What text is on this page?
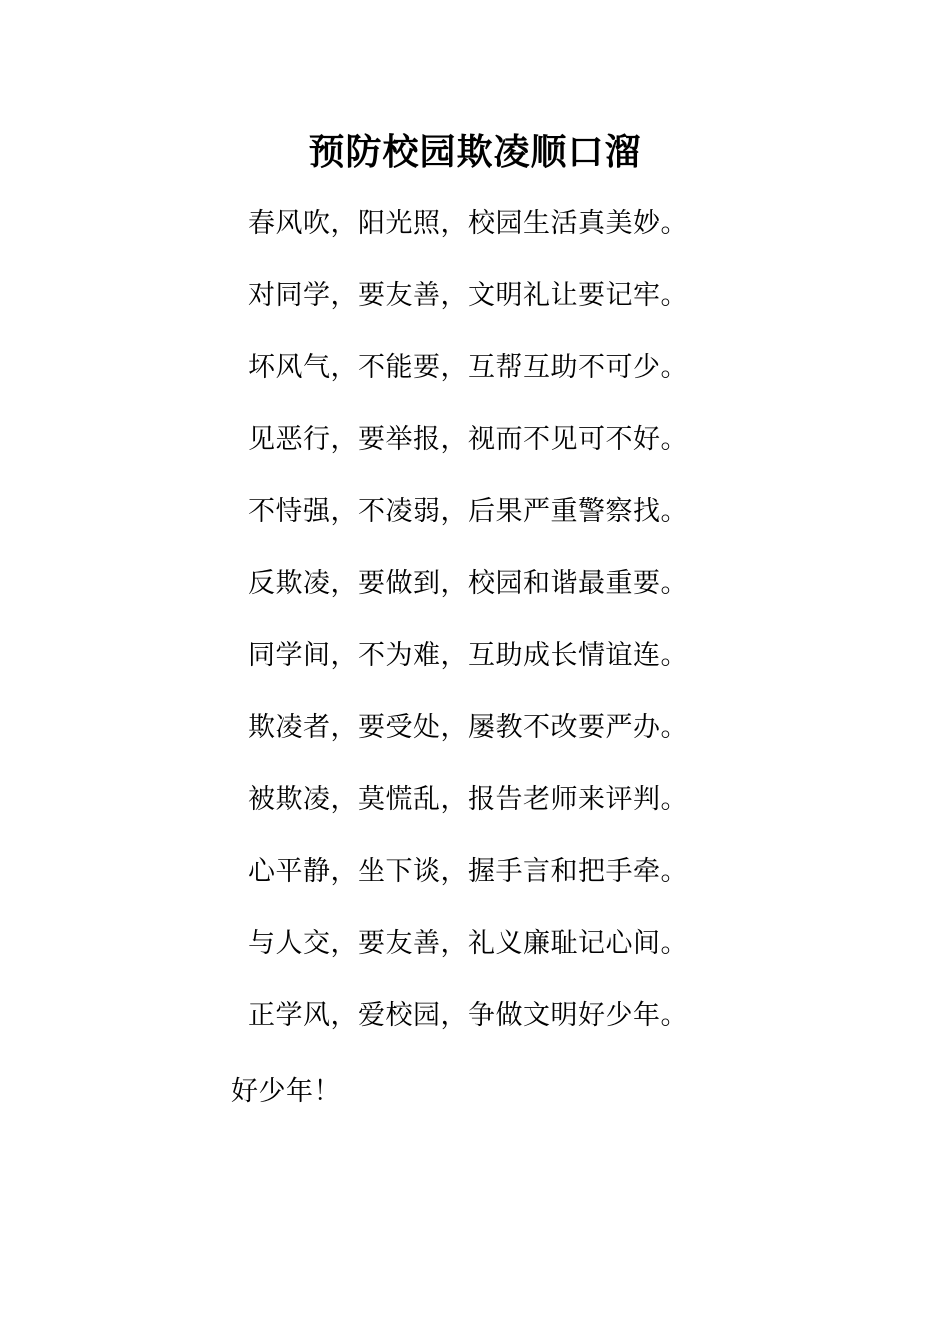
预防校园欺凌顺口溜
春风吹，阳光照，校园生活真美妙。
对同学，要友善，文明礼让要记牢。
坏风气，不能要，互帮互助不可少。
见恶行，要举报，视而不见可不好。
不恃强，不凌弱，后果严重警察找。
反欺凌，要做到，校园和谐最重要。
同学间，不为难，互助成长情谊连。
欺凌者，要受处，屡教不改要严办。
被欺凌，莫慌乱，报告老师来评判。
心平静，坐下谈，握手言和把手牵。
与人交，要友善，礼义廉耻记心间。
正学风，爱校园，争做文明好少年。
好少年！
